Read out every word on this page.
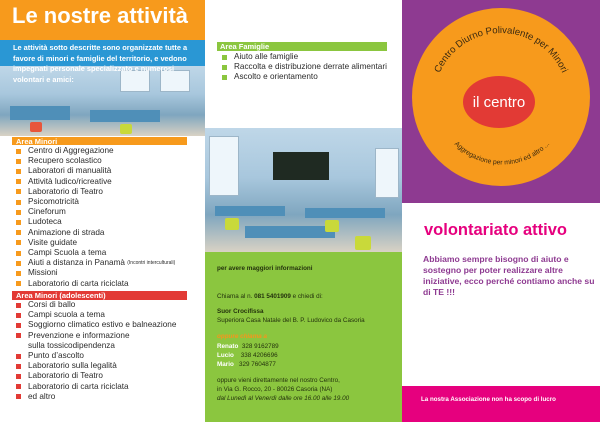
Le nostre attività
Le attività sotto descritte sono organizzate tutte a favore di minori e famiglie del territorio, e vedono impegnati personale specializzato e numerosi volontari e amici:
Area Minori
Centro di Aggregazione
Recupero scolastico
Laboratori di manualità
Attività ludico/ricreative
Laboratorio di Teatro
Psicomotricità
Cineforum
Ludoteca
Animazione di strada
Visite guidate
Campi Scuola a tema
Aiuti a distanza in Panamà
(Incontri interculturali)
Missioni
Laboratorio di carta riciclata
Area Minori (adolescenti)
Corsi di ballo
Campi scuola a tema
Soggiorno climatico estivo e balneazione
Prevenzione e informazione
sulla tossicodipendenza
Punto d’ascolto
Laboratorio sulla legalità
Laboratorio di Teatro
Laboratorio di carta riciclata
ed altro
Area Famiglie
Aiuto alle famiglie
Raccolta e distribuzione derrate alimentari
Ascolto e orientamento
per avere maggiori informazioni
Chiama al n. 081 5401909 e chiedi di:
Suor Crocifissa
Superiora Casa Natale del B. P. Ludovico da Casoria
oppure chiama a
Renato 328 9162789
Lucio 338 4206696
Mario 329 7604877
oppure vieni direttamente nel nostro Centro,
in Via G. Rocco, 20 - 80026 Casoria (NA)
dal Lunedì al Venerdì dalle ore 16.00 alle 19.00
Centro Diurno Polivalente per Minori
Aggregazione per minori ed altro ...
il centro
volontariato attivo
Abbiamo sempre bisogno di aiuto e sostegno per poter realizzare altre iniziative, ecco perché contiamo anche su di TE !!!
La nostra Associazione non ha scopo di lucro
